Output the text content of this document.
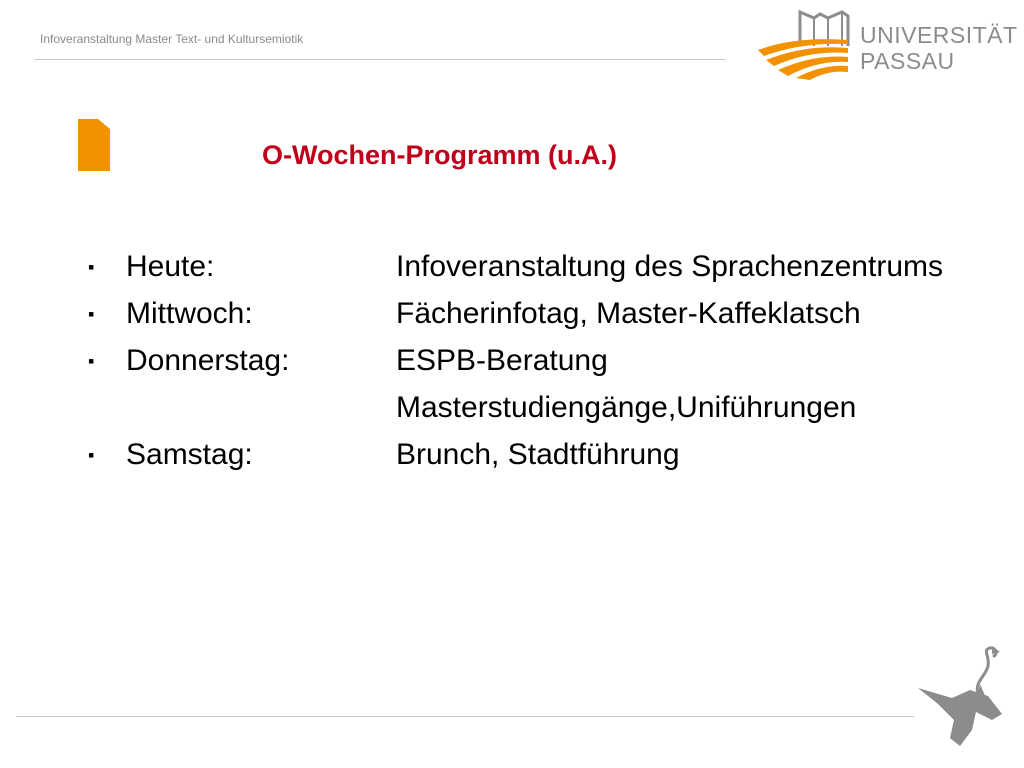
Infoveranstaltung Master Text- und Kultursemiotik	UNIVERSITÄT
PASSAU
O-Wochen-Programm (u.A.)
▪ Heute:	Infoveranstaltung des Sprachenzentrums
▪ Mittwoch:	Fächerinfotag, Master-Kaffeklatsch
▪ Donnerstag:	ESPB-Beratung
Masterstudiengänge,Uniführungen
▪ Samstag:	Brunch, Stadtführung
